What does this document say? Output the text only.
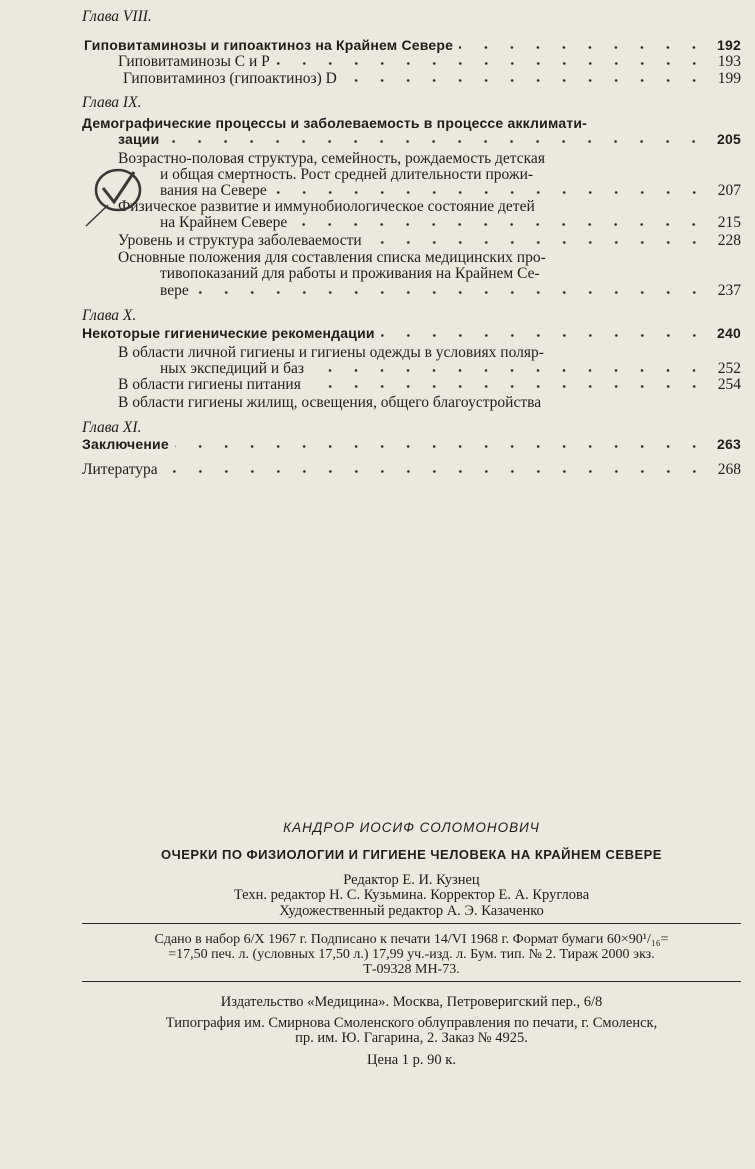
Глава VIII.
Гиповитаминозы и гипоактиноз на Крайнем Севере	192
Гиповитаминозы С и Р	193
Гиповитаминоз (гипоактиноз) D	199
Глава IX.
Демографические процессы и заболеваемость в процессе акклимати-
зации	205
Возрастно-половая структура, семейность, рождаемость детская
и общая смертность. Рост средней длительности прожи-
вания на Севере	207
Физическое развитие и иммунобиологическое состояние детей
на Крайнем Севере	215
Уровень и структура заболеваемости	228
Основные положения для составления списка медицинских про-
тивопоказаний для работы и проживания на Крайнем Се-
вере	237
Глава X.
Некоторые гигиенические рекомендации	240
В области личной гигиены и гигиены одежды в условиях поляр-
ных экспедиций и баз	252
В области гигиены питания	254
В области гигиены жилищ, освещения, общего благоустройства
Глава XI.
Заключение	263
Литература	268
КАНДРОР ИОСИФ СОЛОМОНОВИЧ
ОЧЕРКИ ПО ФИЗИОЛОГИИ И ГИГИЕНЕ ЧЕЛОВЕКА НА КРАЙНЕМ СЕВЕРЕ
Редактор Е. И. Кузнец
Техн. редактор Н. С. Кузьмина. Корректор Е. А. Круглова
Художественный редактор А. Э. Казаченко
Сдано в набор 6/X 1967 г. Подписано к печати 14/VI 1968 г. Формат бумаги 60×90¹/₁₆=
=17,50 печ. л. (условных 17,50 л.) 17,99 уч.-изд. л. Бум. тип. № 2. Тираж 2000 экз.
Т-09328 МН-73.
Издательство «Медицина». Москва, Петроверигский пер., 6/8
Типография им. Смирнова Смоленского облуправления по печати, г. Смоленск,
пр. им. Ю. Гагарина, 2. Заказ № 4925.
Цена 1 р. 90 к.
